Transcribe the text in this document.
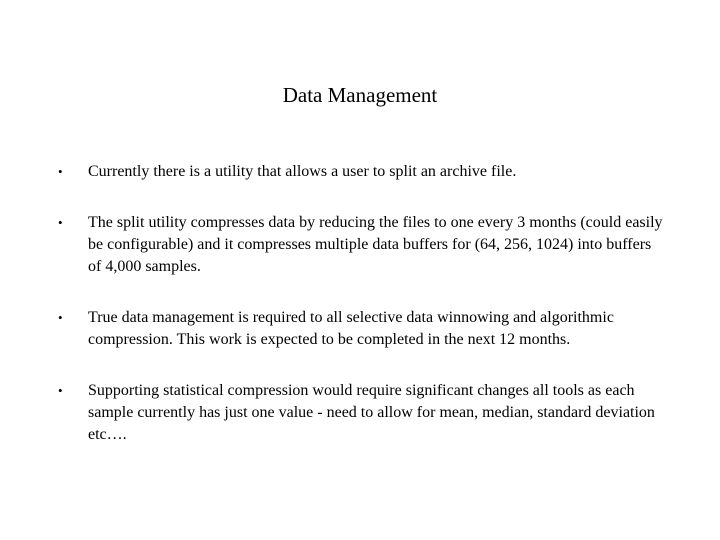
Data Management
• Currently there is a utility that allows a user to split an archive file.
• The split utility compresses data by reducing the files to one every 3 months (could easily be configurable) and it compresses multiple data buffers for (64, 256, 1024) into buffers of 4,000 samples.
• True data management is required to all selective data winnowing and algorithmic compression. This work is expected to be completed in the next 12 months.
• Supporting statistical compression would require significant changes all tools as each sample currently has just one value - need to allow for mean, median, standard deviation etc….
